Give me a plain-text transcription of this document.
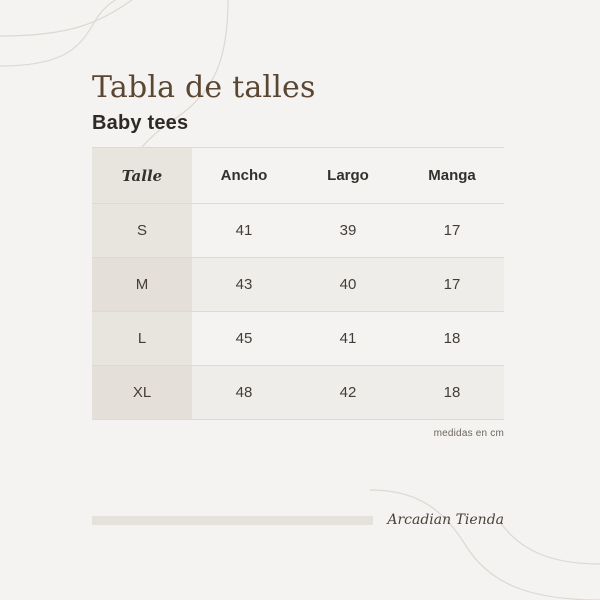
Tabla de talles
Baby tees
Talle	Ancho	Largo	Manga
S	41	39	17
M	43	40	17
L	45	41	18
XL	48	42	18
medidas en cm
Arcadian Tienda
